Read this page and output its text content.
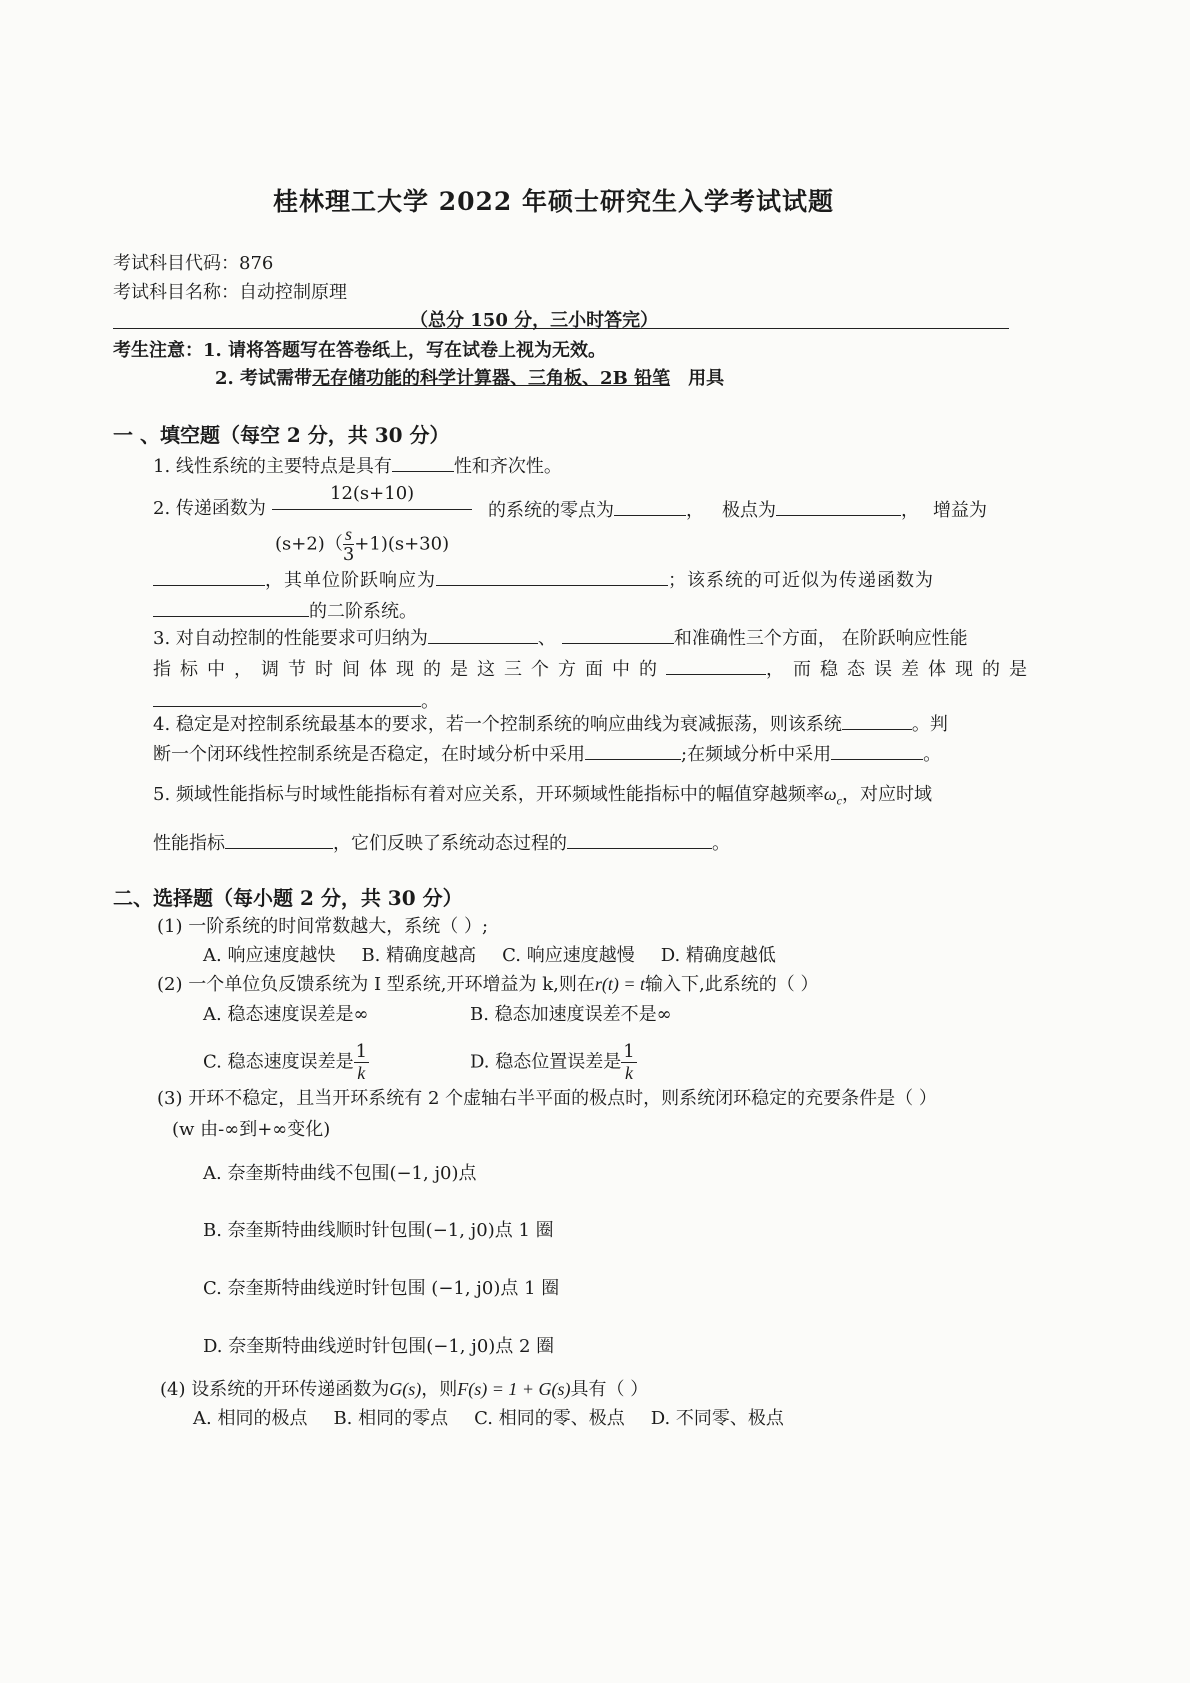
桂林理工大学 2022 年硕士研究生入学考试试题
考试科目代码：876
考试科目名称：自动控制原理
（总分 150 分，三小时答完）
考生注意：1. 请将答题写在答卷纸上，写在试卷上视为无效。
2. 考试需带无存储功能的科学计算器、三角板、2B 铅笔 用具
一 、填空题（每空 2 分，共 30 分）
1. 线性系统的主要特点是具有	性和齐次性。
2. 传递函数为
12(s+10)
$(s+2)( \frac{s}{3} +1)(s+30)$
的系统的零点为	， 极点为	， 增益为
，其单位阶跃响应为	；该系统的可近似为传递函数为
的二阶系统。
3. 对自动控制的性能要求可归纳为	、	和准确性三个方面， 在阶跃响应性能
指标中，调节时间体现的是这三个方面中的	，而稳态误差体现的是
。
4. 稳定是对控制系统最基本的要求，若一个控制系统的响应曲线为衰减振荡，则该系统	。判
断一个闭环线性控制系统是否稳定，在时域分析中采用	;在频域分析中采用	。
5. 频域性能指标与时域性能指标有着对应关系，开环频域性能指标中的幅值穿越频率$\omega_c$，对应时域
性能指标	，它们反映了系统动态过程的	。
二、选择题（每小题 2 分，共 30 分）
(1) 一阶系统的时间常数越大，系统（ ）;
A. 响应速度越快 B. 精确度越高 C. 响应速度越慢 D. 精确度越低
(2) 一个单位负反馈系统为 I 型系统,开环增益为 k,则在r(t) = t输入下,此系统的（ ）
A. 稳态速度误差是∞	B. 稳态加速度误差不是∞
C. 稳态速度误差是 $\frac{1}{k}$	D. 稳态位置误差是 $\frac{1}{k}$
(3) 开环不稳定，且当开环系统有 2 个虚轴右半平面的极点时，则系统闭环稳定的充要条件是（ ）
(w 由-∞到+∞变化)
A. 奈奎斯特曲线不包围(−1, j0)点
B. 奈奎斯特曲线顺时针包围(−1, j0)点 1 圈
C. 奈奎斯特曲线逆时针包围 (−1, j0)点 1 圈
D. 奈奎斯特曲线逆时针包围(−1, j0)点 2 圈
(4) 设系统的开环传递函数为G(s)，则F(s) = 1 + G(s)具有（ ）
A. 相同的极点 B. 相同的零点 C. 相同的零、极点 D. 不同零、极点
